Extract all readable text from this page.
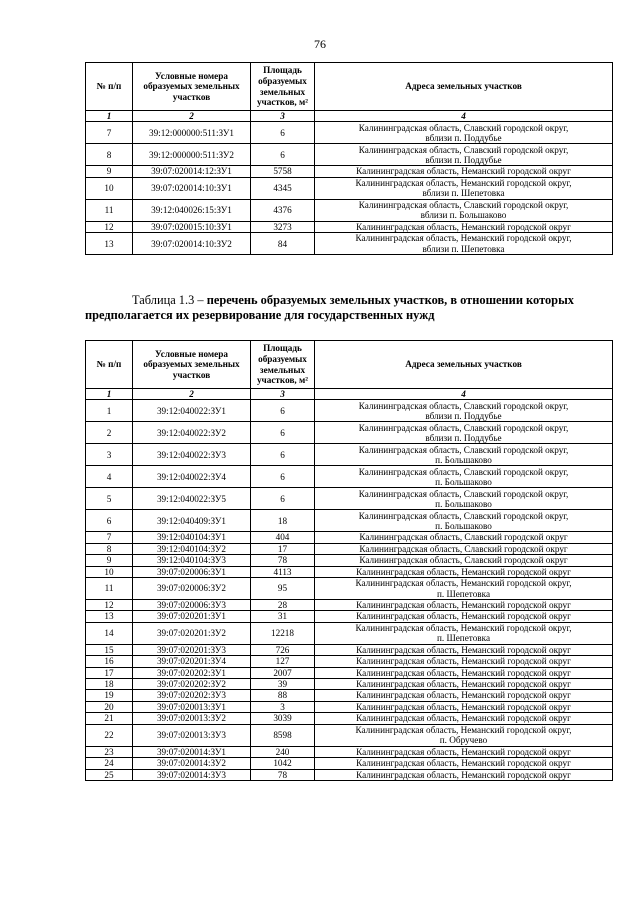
76
№ п/п	Условные номера образуемых земельных участков	Площадь
образуемых
земельных
участков, м²	Адреса земельных участков
1	2	3	4
7	39:12:000000:511:ЗУ1	6	Калининградская область, Славский городской округ,
вблизи п. Поддубье
8	39:12:000000:511:ЗУ2	6	Калининградская область, Славский городской округ,
вблизи п. Поддубье
9	39:07:020014:12:ЗУ1	5758	Калининградская область, Неманский городской округ
10	39:07:020014:10:ЗУ1	4345	Калининградская область, Неманский городской округ,
вблизи п. Шепетовка
11	39:12:040026:15:ЗУ1	4376	Калининградская область, Славский городской округ,
вблизи п. Большаково
12	39:07:020015:10:ЗУ1	3273	Калининградская область, Неманский городской округ
13	39:07:020014:10:ЗУ2	84	Калининградская область, Неманский городской округ,
вблизи п. Шепетовка
Таблица 1.3 – перечень образуемых земельных участков, в отношении которых
предполагается их резервирование для государственных нужд
№ п/п	Условные номера образуемых земельных участков	Площадь
образуемых
земельных
участков, м²	Адреса земельных участков
1	2	3	4
1	39:12:040022:ЗУ1	6	Калининградская область, Славский городской округ,
вблизи п. Поддубье
2	39:12:040022:ЗУ2	6	Калининградская область, Славский городской округ,
вблизи п. Поддубье
3	39:12:040022:ЗУ3	6	Калининградская область, Славский городской округ,
п. Большаково
4	39:12:040022:ЗУ4	6	Калининградская область, Славский городской округ,
п. Большаково
5	39:12:040022:ЗУ5	6	Калининградская область, Славский городской округ,
п. Большаково
6	39:12:040409:ЗУ1	18	Калининградская область, Славский городской округ,
п. Большаково
7	39:12:040104:ЗУ1	404	Калининградская область, Славский городской округ
8	39:12:040104:ЗУ2	17	Калининградская область, Славский городской округ
9	39:12:040104:ЗУ3	78	Калининградская область, Славский городской округ
10	39:07:020006:ЗУ1	4113	Калининградская область, Неманский городской округ
11	39:07:020006:ЗУ2	95	Калининградская область, Неманский городской округ,
п. Шепетовка
12	39:07:020006:ЗУ3	28	Калининградская область, Неманский городской округ
13	39:07:020201:ЗУ1	31	Калининградская область, Неманский городской округ
14	39:07:020201:ЗУ2	12218	Калининградская область, Неманский городской округ,
п. Шепетовка
15	39:07:020201:ЗУ3	726	Калининградская область, Неманский городской округ
16	39:07:020201:ЗУ4	127	Калининградская область, Неманский городской округ
17	39:07:020202:ЗУ1	2007	Калининградская область, Неманский городской округ
18	39:07:020202:ЗУ2	39	Калининградская область, Неманский городской округ
19	39:07:020202:ЗУ3	88	Калининградская область, Неманский городской округ
20	39:07:020013:ЗУ1	3	Калининградская область, Неманский городской округ
21	39:07:020013:ЗУ2	3039	Калининградская область, Неманский городской округ
22	39:07:020013:ЗУ3	8598	Калининградская область, Неманский городской округ,
п. Обручево
23	39:07:020014:ЗУ1	240	Калининградская область, Неманский городской округ
24	39:07:020014:ЗУ2	1042	Калининградская область, Неманский городской округ
25	39:07:020014:ЗУ3	78	Калининградская область, Неманский городской округ
